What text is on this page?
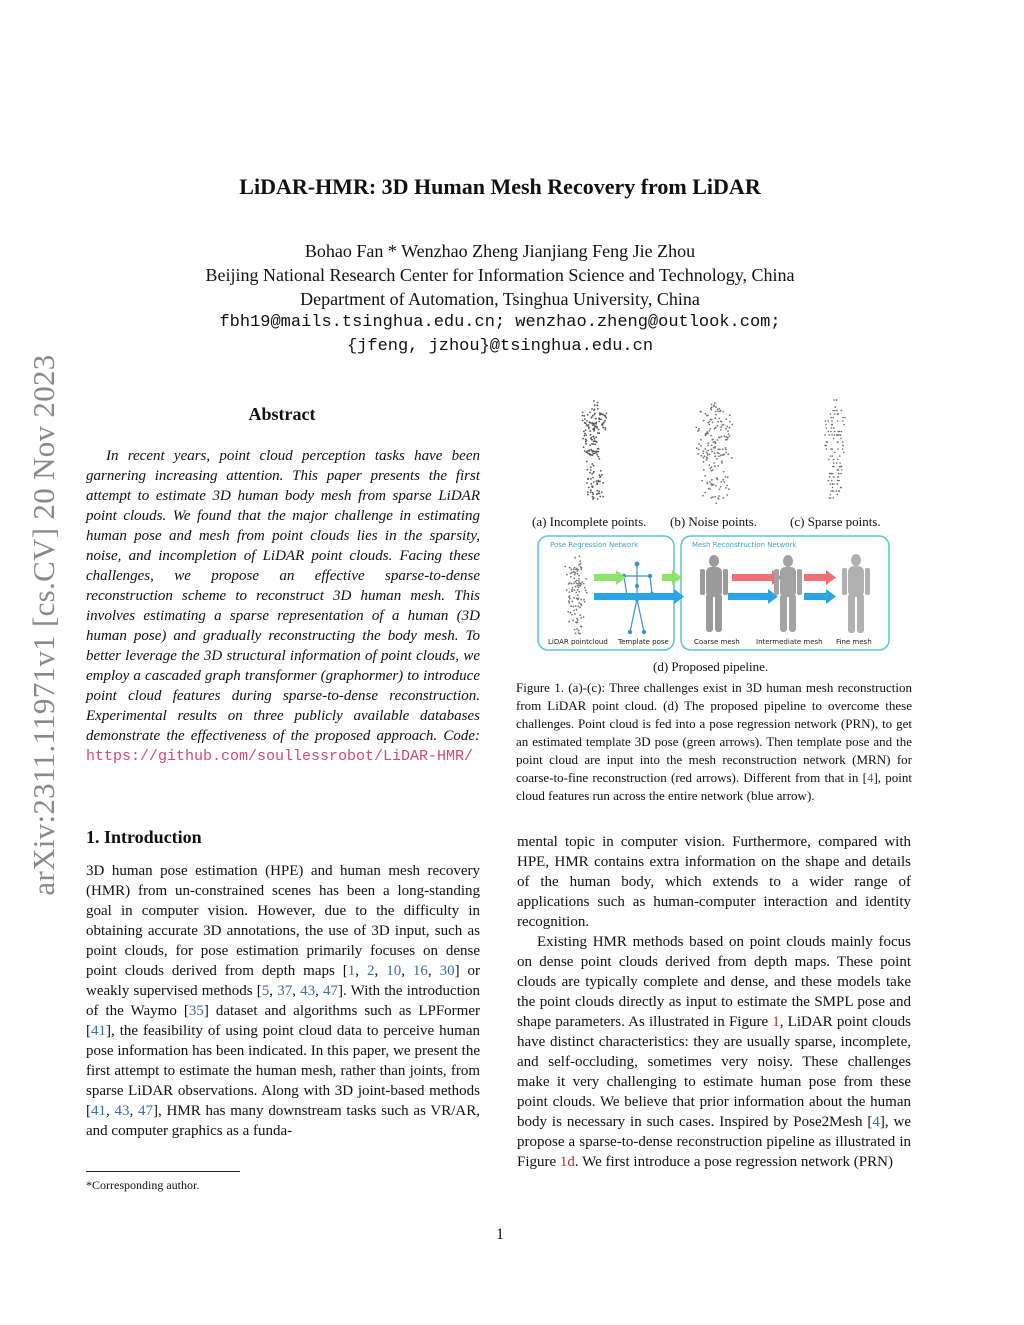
LiDAR-HMR: 3D Human Mesh Recovery from LiDAR
Bohao Fan * Wenzhao Zheng Jianjiang Feng Jie Zhou
Beijing National Research Center for Information Science and Technology, China
Department of Automation, Tsinghua University, China
fbh19@mails.tsinghua.edu.cn; wenzhao.zheng@outlook.com;
{jfeng, jzhou}@tsinghua.edu.cn
arXiv:2311.11971v1 [cs.CV] 20 Nov 2023	Abstract

In recent years, point cloud perception tasks have been garnering increasing attention. This paper presents the first attempt to estimate 3D human body mesh from sparse LiDAR point clouds. We found that the major challenge in estimating human pose and mesh from point clouds lies in the sparsity, noise, and incompletion of LiDAR point clouds. Facing these challenges, we propose an effective sparse-to-dense reconstruction scheme to reconstruct 3D human mesh. This involves estimating a sparse representation of a human (3D human pose) and gradually reconstructing the body mesh. To better leverage the 3D structural information of point clouds, we employ a cascaded graph transformer (graphormer) to introduce point cloud features during sparse-to-dense reconstruction. Experimental results on three publicly available databases demonstrate the effectiveness of the proposed approach. Code: https://github.com/soullessrobot/LiDAR-HMR/

1. Introduction

3D human pose estimation (HPE) and human mesh recovery (HMR) from un-constrained scenes has been a long-standing goal in computer vision. However, due to the difficulty in obtaining accurate 3D annotations, the use of 3D input, such as point clouds, for pose estimation primarily focuses on dense point clouds derived from depth maps [1, 2, 10, 16, 30] or weakly supervised methods [5, 37, 43, 47]. With the introduction of the Waymo [35] dataset and algorithms such as LPFormer [41], the feasibility of using point cloud data to perceive human pose information has been indicated. In this paper, we present the first attempt to estimate the human mesh, rather than joints, from sparse LiDAR observations. Along with 3D joint-based methods [41, 43, 47], HMR has many downstream tasks such as VR/AR, and computer graphics as a funda-

*Corresponding author.
(a) Incomplete points. (b) Noise points.	(c) Sparse points.
Pose Regression Network	Mesh Reconstruction Network
LiDAR pointcloud Template pose	Coarse mesh Intermediate mesh Fine mesh
(d) Proposed pipeline.
Figure 1. (a)-(c): Three challenges exist in 3D human mesh reconstruction from LiDAR point cloud. (d) The proposed pipeline to overcome these challenges. Point cloud is fed into a pose regression network (PRN), to get an estimated template 3D pose (green arrows). Then template pose and the point cloud are input into the mesh reconstruction network (MRN) for coarse-to-fine reconstruction (red arrows). Different from that in [4], point cloud features run across the entire network (blue arrow).

mental topic in computer vision. Furthermore, compared with HPE, HMR contains extra information on the shape and details of the human body, which extends to a wider range of applications such as human-computer interaction and identity recognition.

Existing HMR methods based on point clouds mainly focus on dense point clouds derived from depth maps. These point clouds are typically complete and dense, and these models take the point clouds directly as input to estimate the SMPL pose and shape parameters. As illustrated in Figure 1, LiDAR point clouds have distinct characteristics: they are usually sparse, incomplete, and self-occluding, sometimes very noisy. These challenges make it very challenging to estimate human pose from these point clouds. We believe that prior information about the human body is necessary in such cases. Inspired by Pose2Mesh [4], we propose a sparse-to-dense reconstruction pipeline as illustrated in Figure 1d. We first introduce a pose regression network (PRN)

1
